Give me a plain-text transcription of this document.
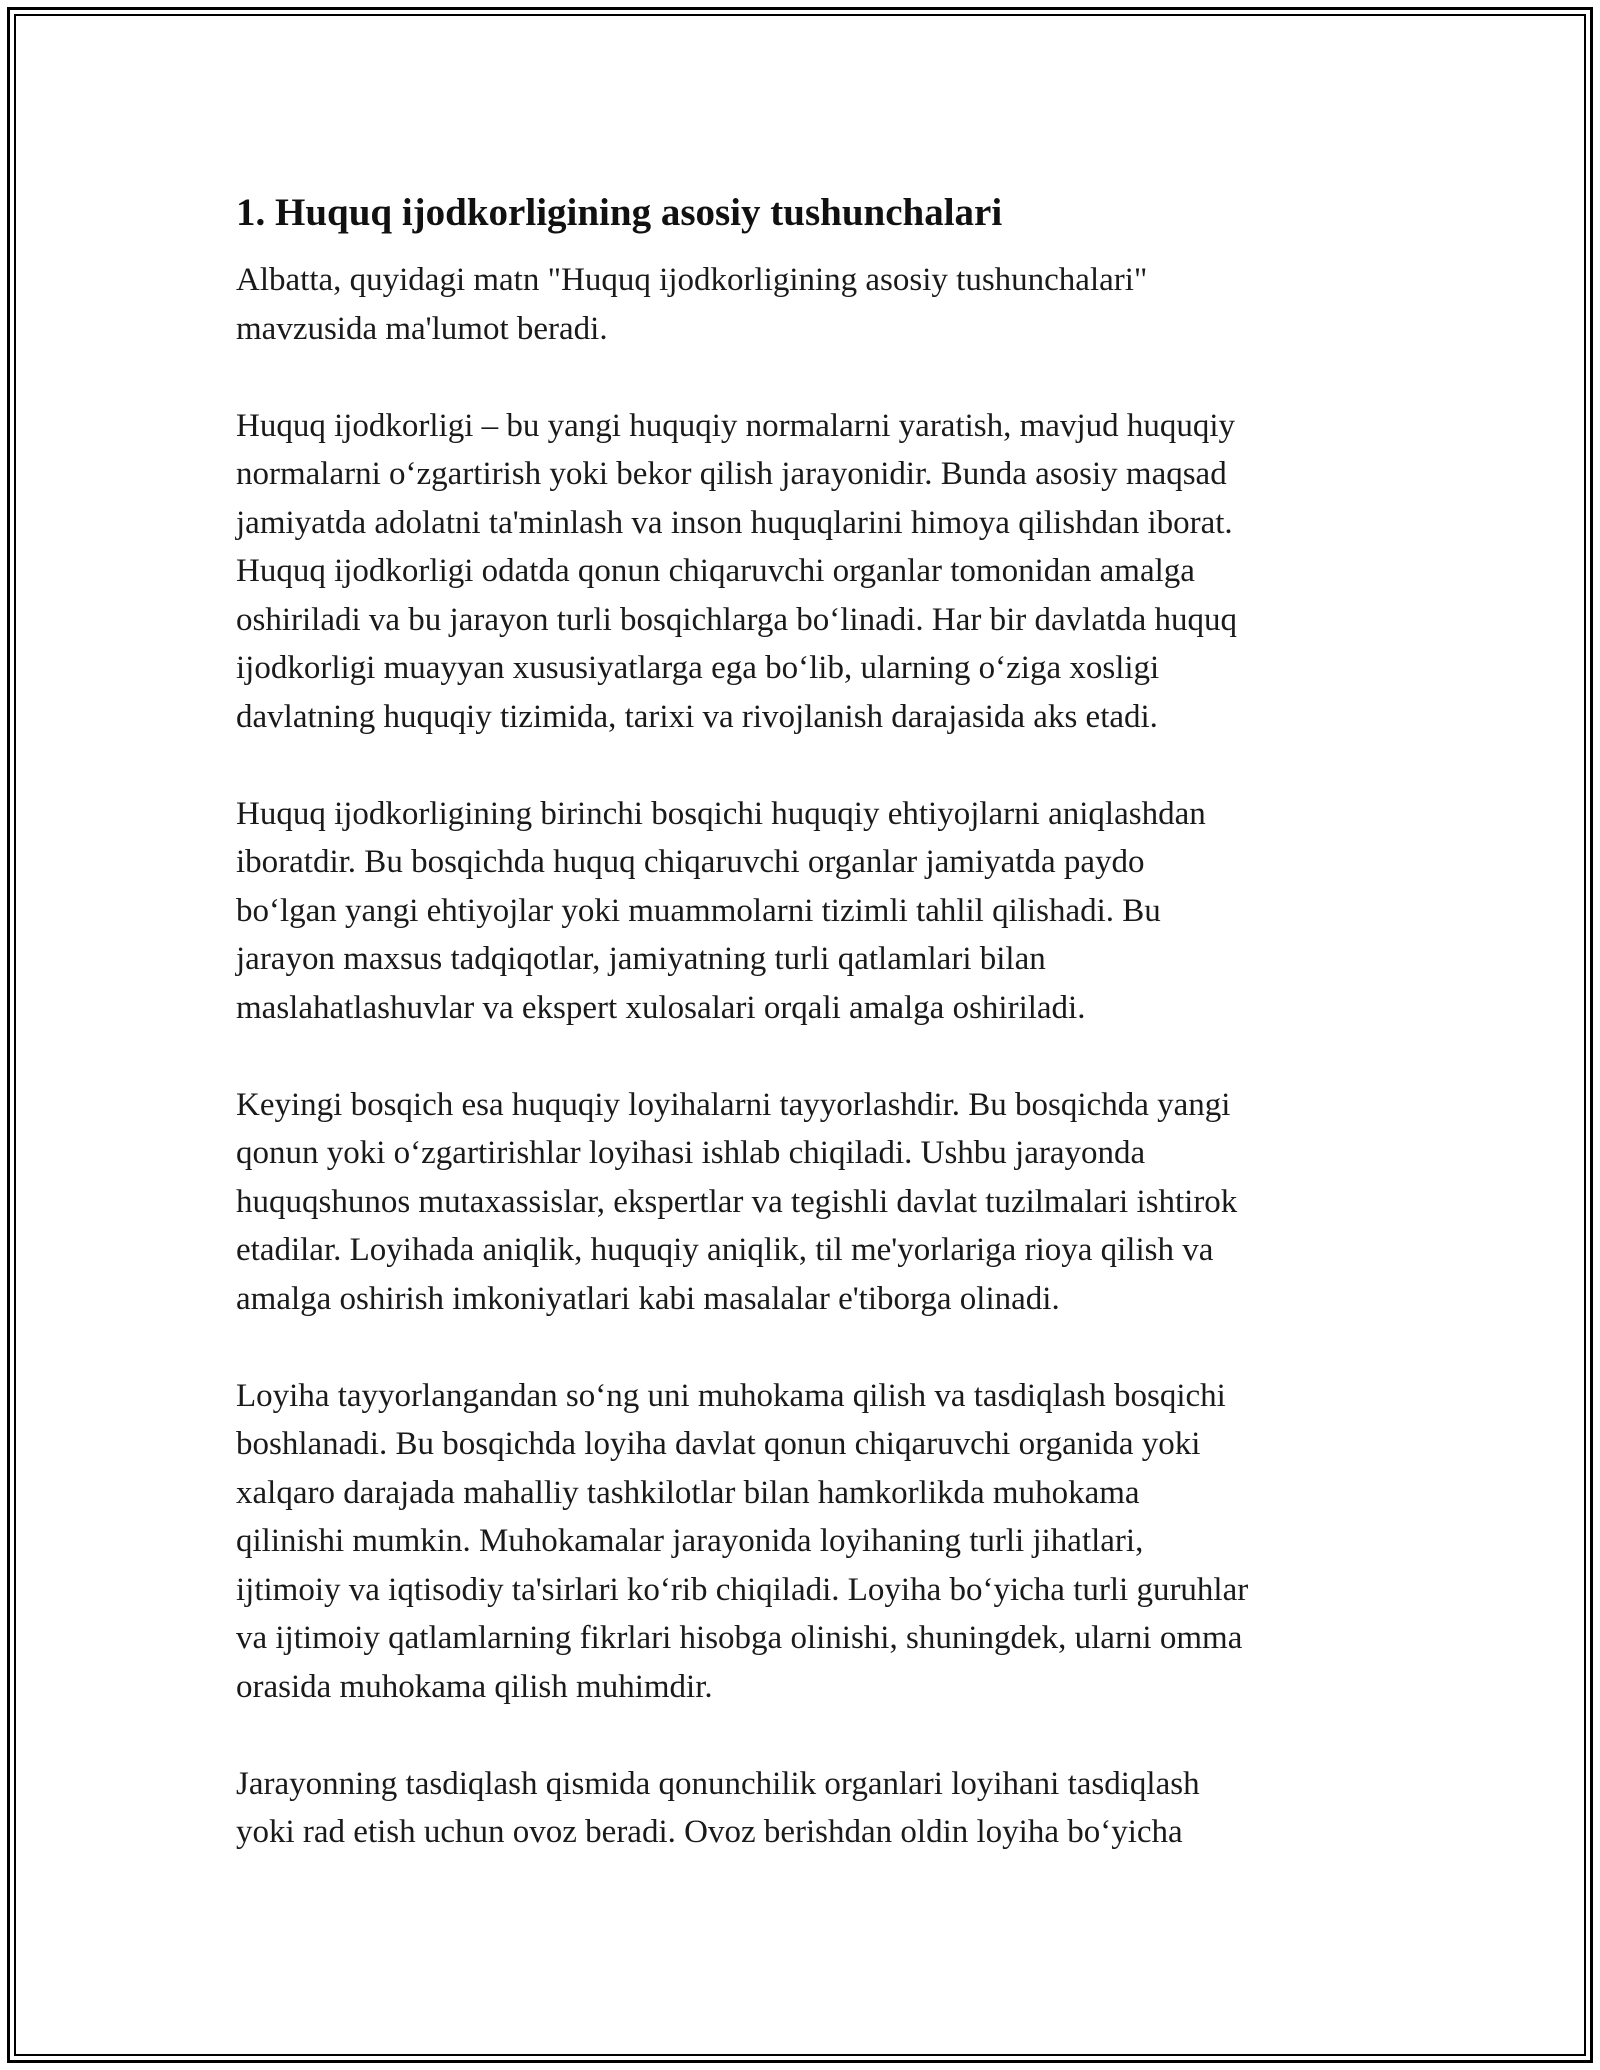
1. Huquq ijodkorligining asosiy tushunchalari
Albatta, quyidagi matn "Huquq ijodkorligining asosiy tushunchalari"
mavzusida ma'lumot beradi.
Huquq ijodkorligi – bu yangi huquqiy normalarni yaratish, mavjud huquqiy
normalarni o‘zgartirish yoki bekor qilish jarayonidir. Bunda asosiy maqsad
jamiyatda adolatni ta'minlash va inson huquqlarini himoya qilishdan iborat.
Huquq ijodkorligi odatda qonun chiqaruvchi organlar tomonidan amalga
oshiriladi va bu jarayon turli bosqichlarga bo‘linadi. Har bir davlatda huquq
ijodkorligi muayyan xususiyatlarga ega bo‘lib, ularning o‘ziga xosligi
davlatning huquqiy tizimida, tarixi va rivojlanish darajasida aks etadi.
Huquq ijodkorligining birinchi bosqichi huquqiy ehtiyojlarni aniqlashdan
iboratdir. Bu bosqichda huquq chiqaruvchi organlar jamiyatda paydo
bo‘lgan yangi ehtiyojlar yoki muammolarni tizimli tahlil qilishadi. Bu
jarayon maxsus tadqiqotlar, jamiyatning turli qatlamlari bilan
maslahatlashuvlar va ekspert xulosalari orqali amalga oshiriladi.
Keyingi bosqich esa huquqiy loyihalarni tayyorlashdir. Bu bosqichda yangi
qonun yoki o‘zgartirishlar loyihasi ishlab chiqiladi. Ushbu jarayonda
huquqshunos mutaxassislar, ekspertlar va tegishli davlat tuzilmalari ishtirok
etadilar. Loyihada aniqlik, huquqiy aniqlik, til me'yorlariga rioya qilish va
amalga oshirish imkoniyatlari kabi masalalar e'tiborga olinadi.
Loyiha tayyorlangandan so‘ng uni muhokama qilish va tasdiqlash bosqichi
boshlanadi. Bu bosqichda loyiha davlat qonun chiqaruvchi organida yoki
xalqaro darajada mahalliy tashkilotlar bilan hamkorlikda muhokama
qilinishi mumkin. Muhokamalar jarayonida loyihaning turli jihatlari,
ijtimoiy va iqtisodiy ta'sirlari ko‘rib chiqiladi. Loyiha bo‘yicha turli guruhlar
va ijtimoiy qatlamlarning fikrlari hisobga olinishi, shuningdek, ularni omma
orasida muhokama qilish muhimdir.
Jarayonning tasdiqlash qismida qonunchilik organlari loyihani tasdiqlash
yoki rad etish uchun ovoz beradi. Ovoz berishdan oldin loyiha bo‘yicha
